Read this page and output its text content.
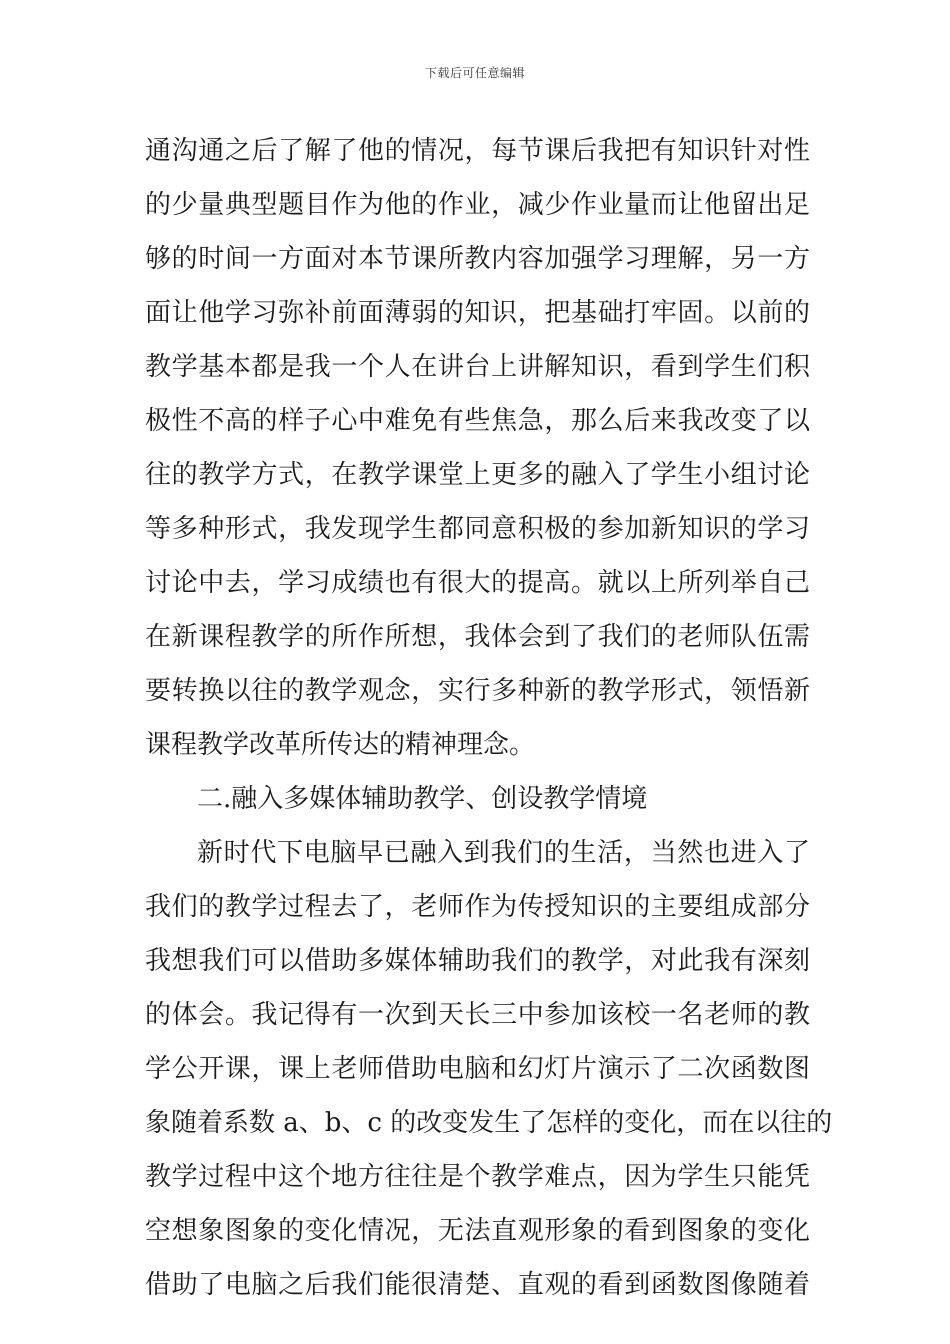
下载后可任意编辑
通沟通之后了解了他的情况，每节课后我把有知识针对性
的少量典型题目作为他的作业，减少作业量而让他留出足
够的时间一方面对本节课所教内容加强学习理解，另一方
面让他学习弥补前面薄弱的知识，把基础打牢固。以前的
教学基本都是我一个人在讲台上讲解知识，看到学生们积
极性不高的样子心中难免有些焦急，那么后来我改变了以
往的教学方式，在教学课堂上更多的融入了学生小组讨论
等多种形式，我发现学生都同意积极的参加新知识的学习
讨论中去，学习成绩也有很大的提高。就以上所列举自己
在新课程教学的所作所想，我体会到了我们的老师队伍需
要转换以往的教学观念，实行多种新的教学形式，领悟新
课程教学改革所传达的精神理念。
二.融入多媒体辅助教学、创设教学情境
新时代下电脑早已融入到我们的生活，当然也进入了
我们的教学过程去了，老师作为传授知识的主要组成部分
我想我们可以借助多媒体辅助我们的教学，对此我有深刻
的体会。我记得有一次到天长三中参加该校一名老师的教
学公开课，课上老师借助电脑和幻灯片演示了二次函数图
象随着系数 a、b、c 的改变发生了怎样的变化，而在以往的
教学过程中这个地方往往是个教学难点，因为学生只能凭
空想象图象的变化情况，无法直观形象的看到图象的变化
借助了电脑之后我们能很清楚、直观的看到函数图像随着
